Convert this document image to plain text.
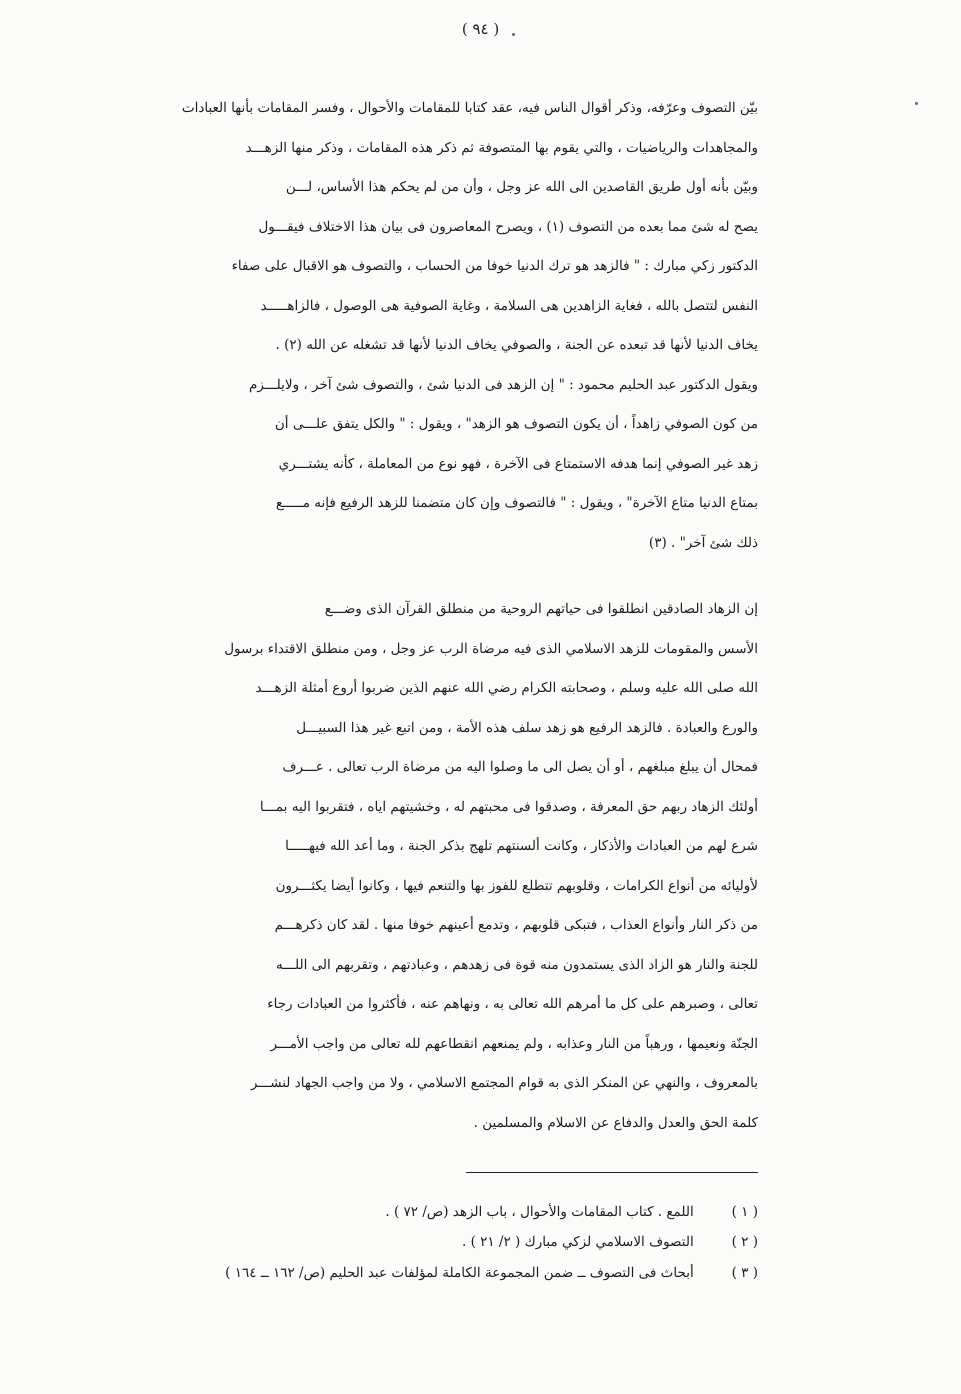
( ٩٤ )
بيّن التصوف وعرّفه، وذكر أقوال الناس فيه، عقد كتابا للمقامات والأحوال ، وفسر المقامات بأنها العبادات
والمجاهدات والرياضيات ، والتي يقوم بها المتصوفة ثم ذكر هذه المقامات ، وذكر منها الزهـــد
وبيّن بأنه أول طريق القاصدين الى الله عز وجل ، وأن من لم يحكم هذا الأساس، لـــن
يصح له شئ مما بعده من التصوف (١) ، ويصرح المعاصرون فى بيان هذا الاختلاف فيقـــول
الدكتور زكي مبارك : " فالزهد هو ترك الدنيا خوفا من الحساب ، والتصوف هو الاقبال على صفاء
النفس لتتصل بالله ، فغاية الزاهدين هى السلامة ، وغاية الصوفية هى الوصول ، فالزاهـــــد
يخاف الدنيا لأنها قد تبعده عن الجنة ، والصوفي يخاف الدنيا لأنها قد تشغله عن الله (٢) .
ويقول الدكتور عبد الحليم محمود : " إن الزهد فى الدنيا شئ ، والتصوف شئ آخر ، ولايلـــزم
من كون الصوفي زاهداً ، أن يكون التصوف هو الزهد" ، ويقول : " والكل يتفق علـــى أن
زهد غير الصوفي إنما هدفه الاستمتاع فى الآخرة ، فهو نوع من المعاملة ، كأنه يشتـــري
بمتاع الدنيا متاع الآخرة" ، ويقول : " فالتصوف وإن كان متضمنا للزهد الرفيع فإنه مـــــع
ذلك شئ آخر" . (٣)
إن الزهاد الصادقين انطلقوا فى حياتهم الروحية من منطلق القرآن الذى وضـــع
الأسس والمقومات للزهد الاسلامي الذى فيه مرضاة الرب عز وجل ، ومن منطلق الاقتداء برسول
الله صلى الله عليه وسلم ، وصحابته الكرام رضي الله عنهم الذين ضربوا أروع أمثلة الزهـــد
والورع والعبادة . فالزهد الرفيع هو زهد سلف هذه الأمة ، ومن اتبع غير هذا السبيـــل
فمحال أن يبلغ مبلغهم ، أو أن يصل الى ما وصلوا اليه من مرضاة الرب تعالى . عـــرف
أولئك الزهاد ربهم حق المعرفة ، وصدقوا فى محبتهم له ، وخشيتهم اياه ، فتقربوا اليه بمـــا
شرع لهم من العبادات والأذكار ، وكانت ألسنتهم تلهج بذكر الجنة ، وما أعد الله فيهـــــا
لأوليائه من أنواع الكرامات ، وقلوبهم تتطلع للفوز بها والتنعم فيها ، وكانوا أيضا يكثـــرون
من ذكر النار وأنواع العذاب ، فتبكى قلوبهم ، وتدمع أعينهم خوفا منها . لقد كان ذكرهـــم
للجنة والنار هو الزاد الذى يستمدون منه قوة فى زهدهم ، وعبادتهم ، وتقربهم الى اللـــه
تعالى ، وصبرهم على كل ما أمرهم الله تعالى به ، ونهاهم عنه ، فأكثروا من العبادات رجاء
الجنّة ونعيمها ، ورهباً من النار وعذابه ، ولم يمنعهم انقطاعهم لله تعالى من واجب الأمـــر
بالمعروف ، والنهي عن المنكر الذى به قوام المجتمع الاسلامي ، ولا من واجب الجهاد لنشـــر
كلمة الحق والعدل والدفاع عن الاسلام والمسلمين .
( ١ ) اللمع . كتاب المقامات والأحوال ، باب الزهد (ص/ ٧٢ ) .
( ٢ ) التصوف الاسلامي لزكي مبارك ( ٢/ ٢١ ) .
( ٣ ) أبحاث فى التصوف ــ ضمن المجموعة الكاملة لمؤلفات عبد الحليم (ص/ ١٦٢ ــ ١٦٤ )
